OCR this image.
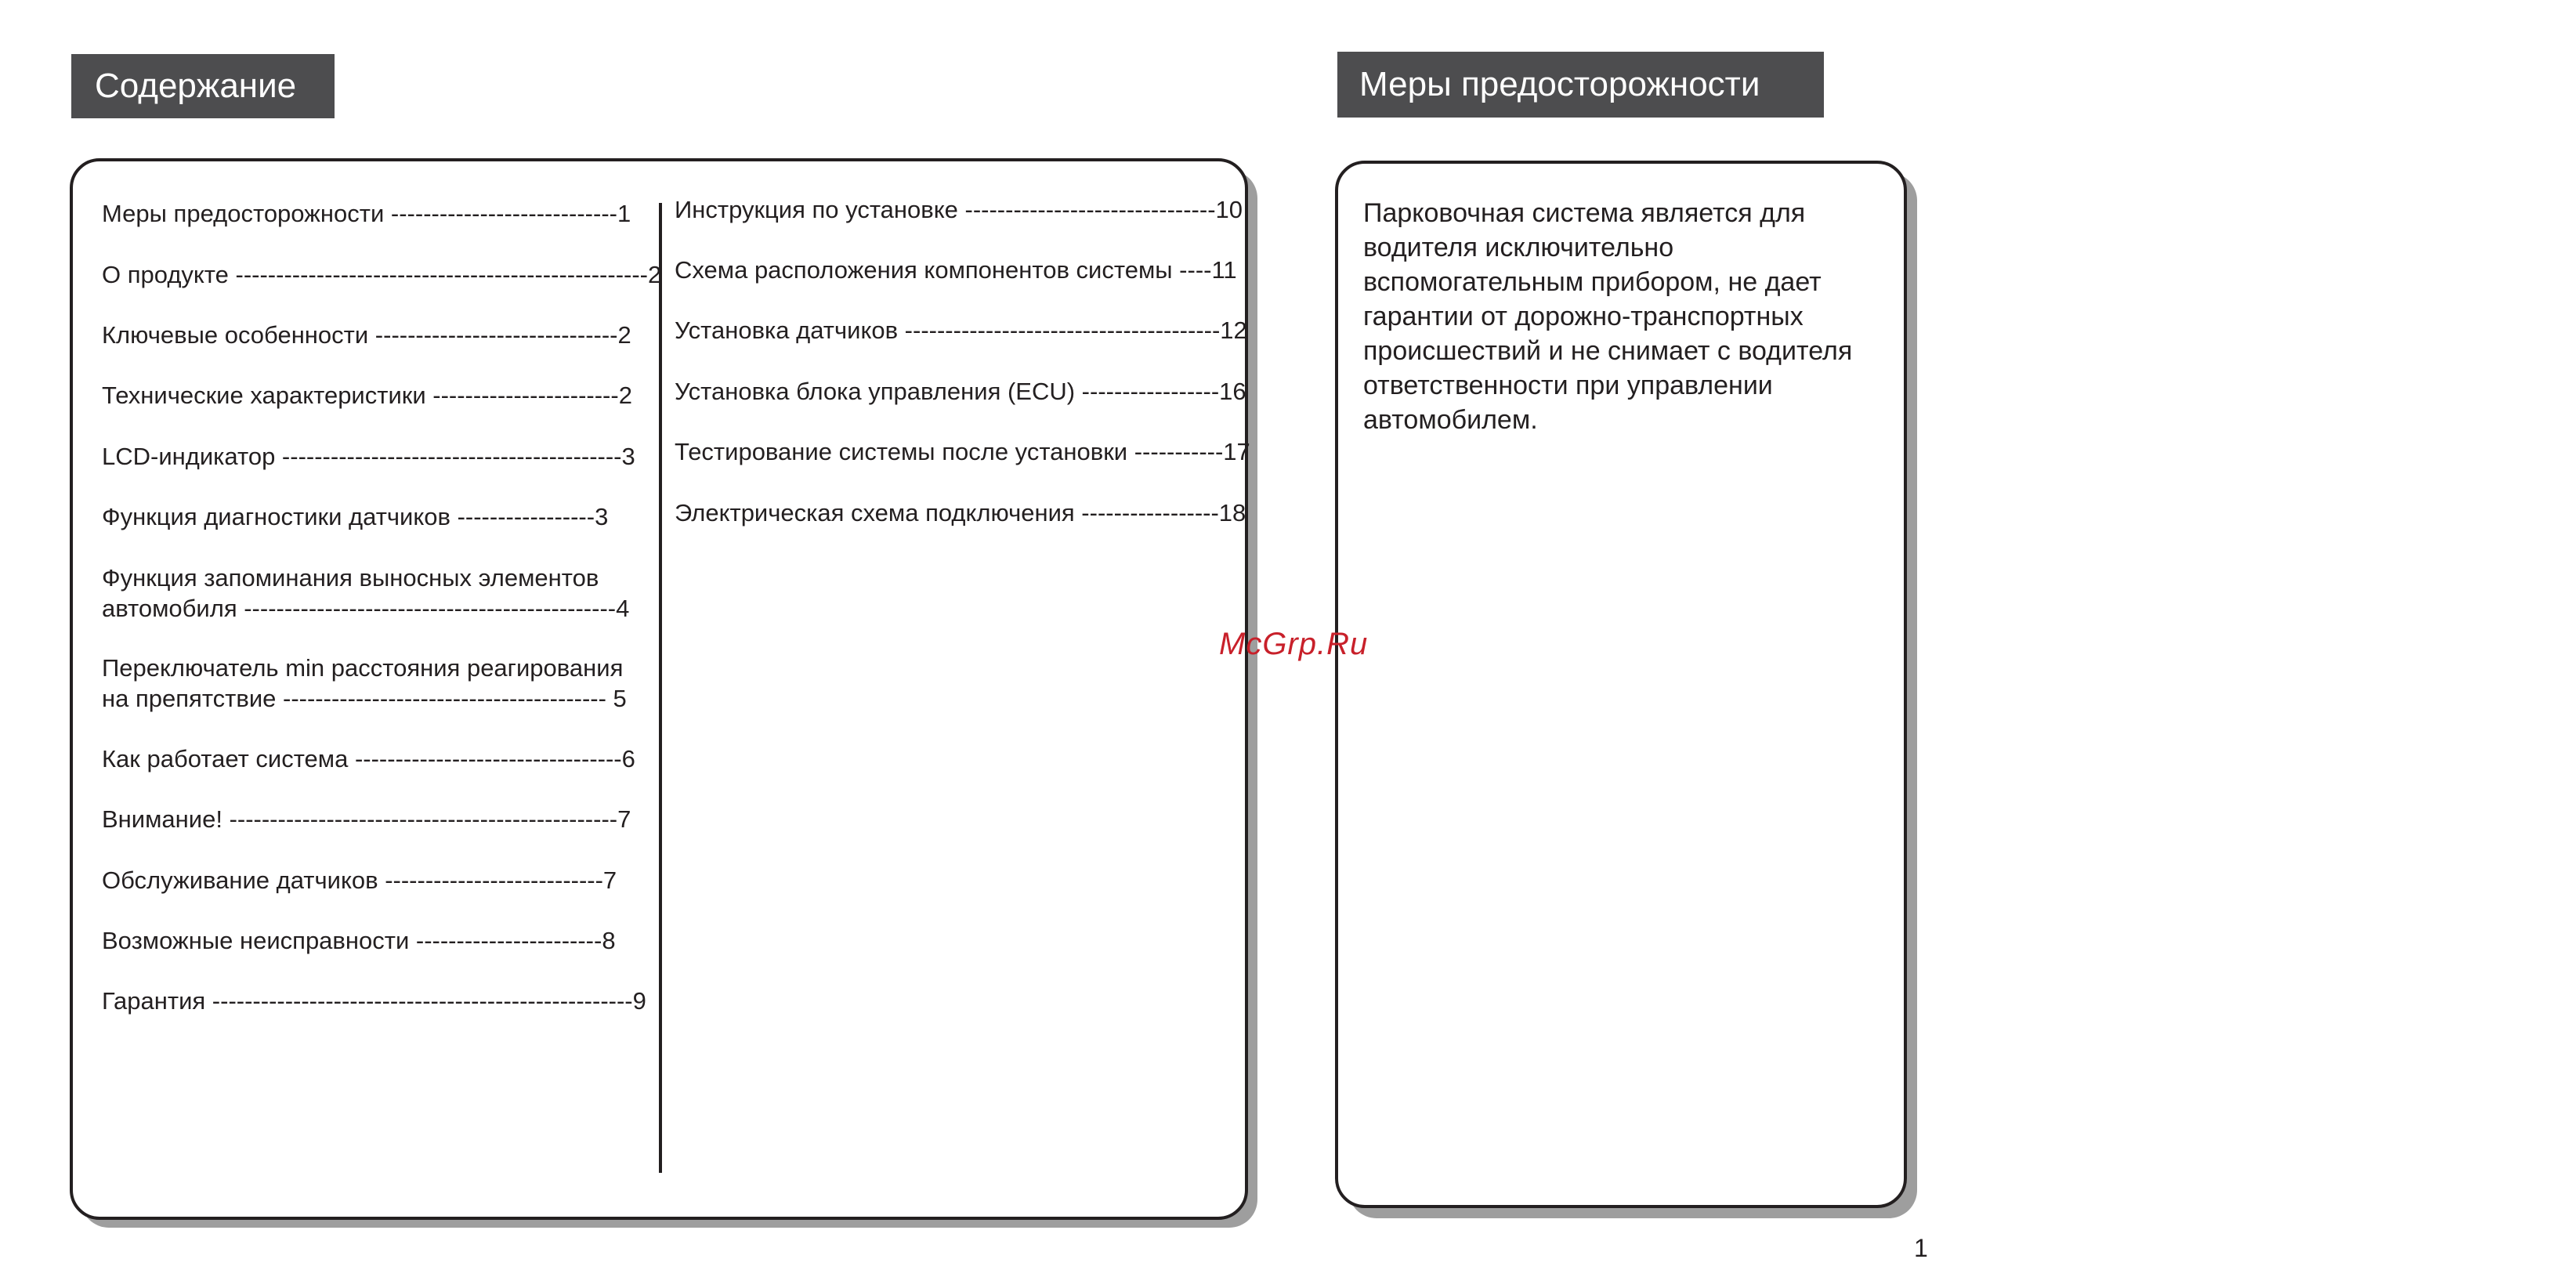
Содержание	Меры предосторожности
Меры предосторожности ----------------------------1
О продукте ---------------------------------------------------2
Ключевые особенности ------------------------------2
Технические характеристики -----------------------2
LCD-индикатор ------------------------------------------3
Функция диагностики датчиков -----------------3
Функция запоминания выносных элементов
автомобиля ----------------------------------------------4
Переключатель min расстояния реагирования
на препятствие ---------------------------------------- 5
Как работает система ---------------------------------6
Внимание! ------------------------------------------------7
Обслуживание датчиков ---------------------------7
Возможные неисправности -----------------------8
Гарантия ----------------------------------------------------9
Инструкция по установке -------------------------------10
Схема расположения компонентов системы ----11
Установка датчиков ---------------------------------------12
Установка блока управления (ECU) -----------------16
Тестирование системы после установки -----------17
Электрическая схема подключения -----------------18
Парковочная система является для
водителя исключительно
вспомогательным прибором, не дает
гарантии от дорожно-транспортных
происшествий и не снимает с водителя
ответственности при управлении
автомобилем.
McGrp.Ru
1
